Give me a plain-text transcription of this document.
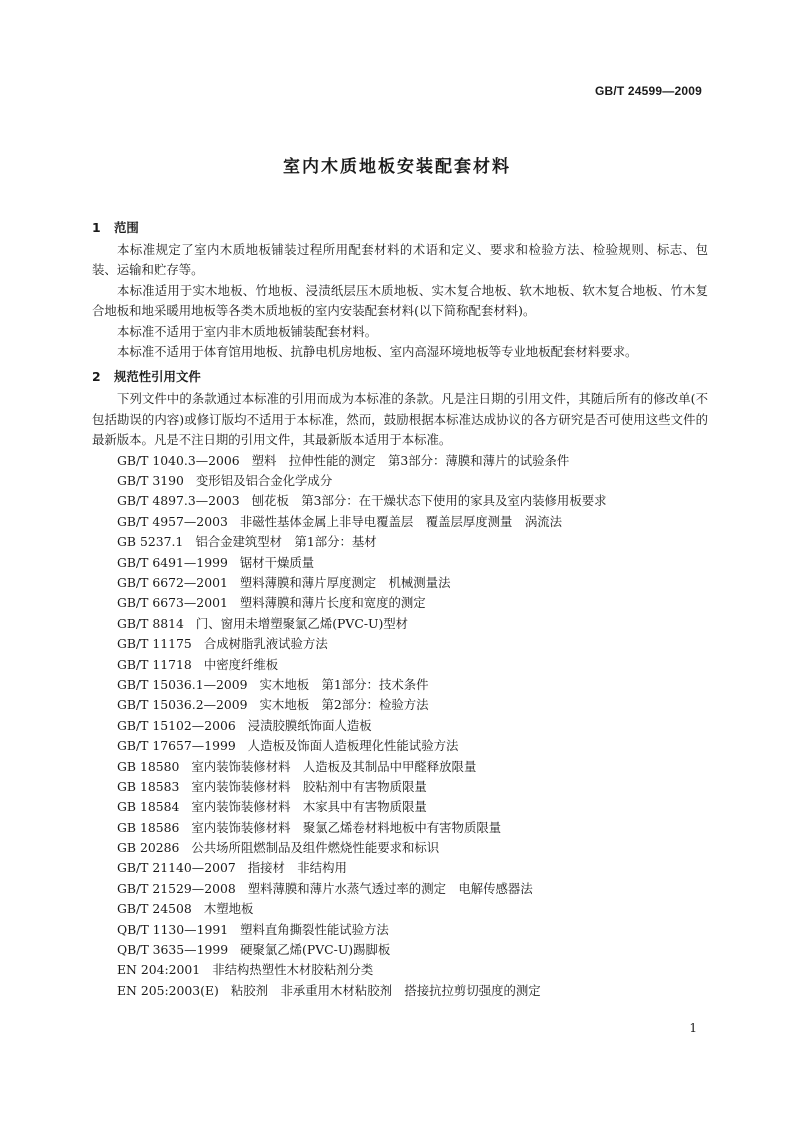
GB/T 24599—2009
室内木质地板安装配套材料
1 范围

本标准规定了室内木质地板铺装过程所用配套材料的术语和定义、要求和检验方法、检验规则、标志、包装、运输和贮存等。

本标准适用于实木地板、竹地板、浸渍纸层压木质地板、实木复合地板、软木地板、软木复合地板、竹木复合地板和地采暖用地板等各类木质地板的室内安装配套材料(以下简称配套材料)。

本标准不适用于室内非木质地板铺装配套材料。

本标准不适用于体育馆用地板、抗静电机房地板、室内高湿环境地板等专业地板配套材料要求。

2 规范性引用文件

下列文件中的条款通过本标准的引用而成为本标准的条款。凡是注日期的引用文件，其随后所有的修改单(不包括勘误的内容)或修订版均不适用于本标准，然而，鼓励根据本标准达成协议的各方研究是否可使用这些文件的最新版本。凡是不注日期的引用文件，其最新版本适用于本标准。

GB/T 1040.3—2006 塑料　拉伸性能的测定　第3部分：薄膜和薄片的试验条件
GB/T 3190 变形铝及铝合金化学成分
GB/T 4897.3—2003 刨花板　第3部分：在干燥状态下使用的家具及室内装修用板要求
GB/T 4957—2003 非磁性基体金属上非导电覆盖层　覆盖层厚度测量　涡流法
GB 5237.1 铝合金建筑型材　第1部分：基材
GB/T 6491—1999 锯材干燥质量
GB/T 6672—2001 塑料薄膜和薄片厚度测定　机械测量法
GB/T 6673—2001 塑料薄膜和薄片长度和宽度的测定
GB/T 8814 门、窗用未增塑聚氯乙烯(PVC-U)型材
GB/T 11175 合成树脂乳液试验方法
GB/T 11718 中密度纤维板
GB/T 15036.1—2009 实木地板　第1部分：技术条件
GB/T 15036.2—2009 实木地板　第2部分：检验方法
GB/T 15102—2006 浸渍胶膜纸饰面人造板
GB/T 17657—1999 人造板及饰面人造板理化性能试验方法
GB 18580 室内装饰装修材料　人造板及其制品中甲醛释放限量
GB 18583 室内装饰装修材料　胶粘剂中有害物质限量
GB 18584 室内装饰装修材料　木家具中有害物质限量
GB 18586 室内装饰装修材料　聚氯乙烯卷材料地板中有害物质限量
GB 20286 公共场所阻燃制品及组件燃烧性能要求和标识
GB/T 21140—2007 指接材　非结构用
GB/T 21529—2008 塑料薄膜和薄片水蒸气透过率的测定　电解传感器法
GB/T 24508 木塑地板
QB/T 1130—1991 塑料直角撕裂性能试验方法
QB/T 3635—1999 硬聚氯乙烯(PVC-U)踢脚板
EN 204:2001 非结构热塑性木材胶粘剂分类
EN 205:2003(E) 粘胶剂　非承重用木材粘胶剂　搭接抗拉剪切强度的测定
1
